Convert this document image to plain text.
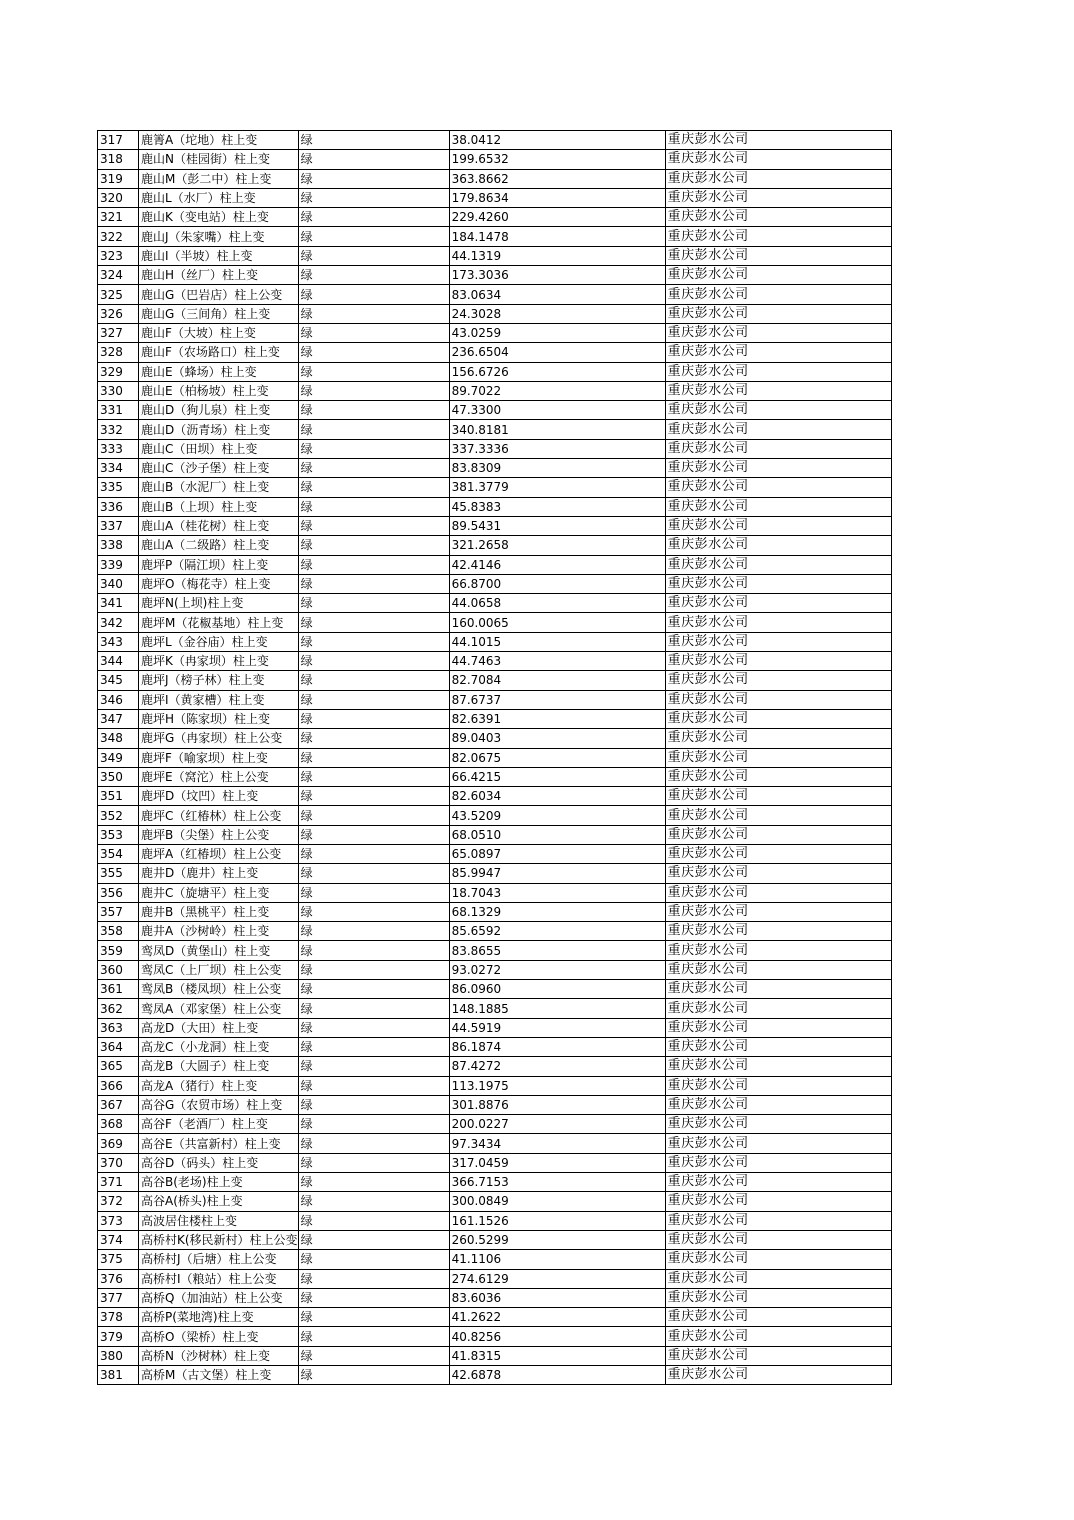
317	鹿箐A（坨地）柱上变	绿	38.0412	重庆彭水公司
318	鹿山N（桂园街）柱上变	绿	199.6532	重庆彭水公司
319	鹿山M（彭二中）柱上变	绿	363.8662	重庆彭水公司
320	鹿山L（水厂）柱上变	绿	179.8634	重庆彭水公司
321	鹿山K（变电站）柱上变	绿	229.4260	重庆彭水公司
322	鹿山J（朱家嘴）柱上变	绿	184.1478	重庆彭水公司
323	鹿山I（半坡）柱上变	绿	44.1319	重庆彭水公司
324	鹿山H（丝厂）柱上变	绿	173.3036	重庆彭水公司
325	鹿山G（巴岩店）柱上公变	绿	83.0634	重庆彭水公司
326	鹿山G（三间角）柱上变	绿	24.3028	重庆彭水公司
327	鹿山F（大坡）柱上变	绿	43.0259	重庆彭水公司
328	鹿山F（农场路口）柱上变	绿	236.6504	重庆彭水公司
329	鹿山E（蜂场）柱上变	绿	156.6726	重庆彭水公司
330	鹿山E（柏杨坡）柱上变	绿	89.7022	重庆彭水公司
331	鹿山D（狗儿泉）柱上变	绿	47.3300	重庆彭水公司
332	鹿山D（沥青场）柱上变	绿	340.8181	重庆彭水公司
333	鹿山C（田坝）柱上变	绿	337.3336	重庆彭水公司
334	鹿山C（沙子堡）柱上变	绿	83.8309	重庆彭水公司
335	鹿山B（水泥厂）柱上变	绿	381.3779	重庆彭水公司
336	鹿山B（上坝）柱上变	绿	45.8383	重庆彭水公司
337	鹿山A（桂花树）柱上变	绿	89.5431	重庆彭水公司
338	鹿山A（二级路）柱上变	绿	321.2658	重庆彭水公司
339	鹿坪P（隔江坝）柱上变	绿	42.4146	重庆彭水公司
340	鹿坪O（梅花寺）柱上变	绿	66.8700	重庆彭水公司
341	鹿坪N(上坝)柱上变	绿	44.0658	重庆彭水公司
342	鹿坪M（花椒基地）柱上变	绿	160.0065	重庆彭水公司
343	鹿坪L（金谷庙）柱上变	绿	44.1015	重庆彭水公司
344	鹿坪K（冉家坝）柱上变	绿	44.7463	重庆彭水公司
345	鹿坪J（榜子林）柱上变	绿	82.7084	重庆彭水公司
346	鹿坪I（黄家槽）柱上变	绿	87.6737	重庆彭水公司
347	鹿坪H（陈家坝）柱上变	绿	82.6391	重庆彭水公司
348	鹿坪G（冉家坝）柱上公变	绿	89.0403	重庆彭水公司
349	鹿坪F（喻家坝）柱上变	绿	82.0675	重庆彭水公司
350	鹿坪E（窝沱）柱上公变	绿	66.4215	重庆彭水公司
351	鹿坪D（坟凹）柱上变	绿	82.6034	重庆彭水公司
352	鹿坪C（红椿林）柱上公变	绿	43.5209	重庆彭水公司
353	鹿坪B（尖堡）柱上公变	绿	68.0510	重庆彭水公司
354	鹿坪A（红椿坝）柱上公变	绿	65.0897	重庆彭水公司
355	鹿井D（鹿井）柱上变	绿	85.9947	重庆彭水公司
356	鹿井C（旋塘平）柱上变	绿	18.7043	重庆彭水公司
357	鹿井B（黑桃平）柱上变	绿	68.1329	重庆彭水公司
358	鹿井A（沙树岭）柱上变	绿	85.6592	重庆彭水公司
359	鸾凤D（黄堡山）柱上变	绿	83.8655	重庆彭水公司
360	鸾凤C（上厂坝）柱上公变	绿	93.0272	重庆彭水公司
361	鸾凤B（楼凤坝）柱上公变	绿	86.0960	重庆彭水公司
362	鸾凤A（邓家堡）柱上公变	绿	148.1885	重庆彭水公司
363	高龙D（大田）柱上变	绿	44.5919	重庆彭水公司
364	高龙C（小龙洞）柱上变	绿	86.1874	重庆彭水公司
365	高龙B（大圆子）柱上变	绿	87.4272	重庆彭水公司
366	高龙A（猪行）柱上变	绿	113.1975	重庆彭水公司
367	高谷G（农贸市场）柱上变	绿	301.8876	重庆彭水公司
368	高谷F（老酒厂）柱上变	绿	200.0227	重庆彭水公司
369	高谷E（共富新村）柱上变	绿	97.3434	重庆彭水公司
370	高谷D（码头）柱上变	绿	317.0459	重庆彭水公司
371	高谷B(老场)柱上变	绿	366.7153	重庆彭水公司
372	高谷A(桥头)柱上变	绿	300.0849	重庆彭水公司
373	高波居住楼柱上变	绿	161.1526	重庆彭水公司
374	高桥村K(移民新村）柱上公变	绿	260.5299	重庆彭水公司
375	高桥村J（后塘）柱上公变	绿	41.1106	重庆彭水公司
376	高桥村I（粮站）柱上公变	绿	274.6129	重庆彭水公司
377	高桥Q（加油站）柱上公变	绿	83.6036	重庆彭水公司
378	高桥P(菜地湾)柱上变	绿	41.2622	重庆彭水公司
379	高桥O（梁桥）柱上变	绿	40.8256	重庆彭水公司
380	高桥N（沙树林）柱上变	绿	41.8315	重庆彭水公司
381	高桥M（古文堡）柱上变	绿	42.6878	重庆彭水公司
